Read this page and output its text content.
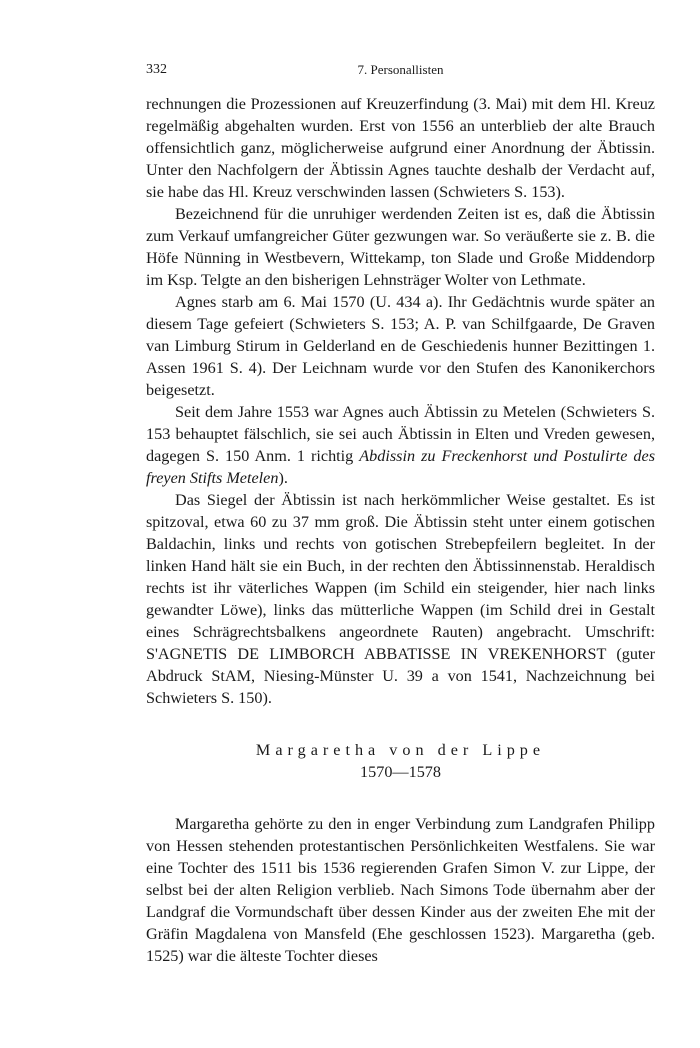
332	7. Personallisten

rechnungen die Prozessionen auf Kreuzerfindung (3. Mai) mit dem Hl. Kreuz regelmäßig abgehalten wurden. Erst von 1556 an unterblieb der alte Brauch offensichtlich ganz, möglicherweise aufgrund einer Anordnung der Äbtissin. Unter den Nachfolgern der Äbtissin Agnes tauchte deshalb der Verdacht auf, sie habe das Hl. Kreuz verschwinden lassen (Schwieters S. 153).

Bezeichnend für die unruhiger werdenden Zeiten ist es, daß die Äbtissin zum Verkauf umfangreicher Güter gezwungen war. So veräußerte sie z. B. die Höfe Nünning in Westbevern, Wittekamp, ton Slade und Große Middendorp im Ksp. Telgte an den bisherigen Lehnsträger Wolter von Lethmate.

Agnes starb am 6. Mai 1570 (U. 434 a). Ihr Gedächtnis wurde später an diesem Tage gefeiert (Schwieters S. 153; A. P. van Schilfgaarde, De Graven van Limburg Stirum in Gelderland en de Geschiedenis hunner Bezittingen 1. Assen 1961 S. 4). Der Leichnam wurde vor den Stufen des Kanonikerchors beigesetzt.

Seit dem Jahre 1553 war Agnes auch Äbtissin zu Metelen (Schwieters S. 153 behauptet fälschlich, sie sei auch Äbtissin in Elten und Vreden gewesen, dagegen S. 150 Anm. 1 richtig Abdissin zu Freckenhorst und Postulirte des freyen Stifts Metelen).

Das Siegel der Äbtissin ist nach herkömmlicher Weise gestaltet. Es ist spitzoval, etwa 60 zu 37 mm groß. Die Äbtissin steht unter einem gotischen Baldachin, links und rechts von gotischen Strebepfeilern begleitet. In der linken Hand hält sie ein Buch, in der rechten den Äbtissinnenstab. Heraldisch rechts ist ihr väterliches Wappen (im Schild ein steigender, hier nach links gewandter Löwe), links das mütterliche Wappen (im Schild drei in Gestalt eines Schrägrechtsbalkens angeordnete Rauten) angebracht. Umschrift: S'AGNETIS DE LIMBORCH ABBATISSE IN VREKENHORST (guter Abdruck StAM, Niesing-Münster U. 39 a von 1541, Nachzeichnung bei Schwieters S. 150).

Margaretha von der Lippe
1570—1578

Margaretha gehörte zu den in enger Verbindung zum Landgrafen Philipp von Hessen stehenden protestantischen Persönlichkeiten Westfalens. Sie war eine Tochter des 1511 bis 1536 regierenden Grafen Simon V. zur Lippe, der selbst bei der alten Religion verblieb. Nach Simons Tode übernahm aber der Landgraf die Vormundschaft über dessen Kinder aus der zweiten Ehe mit der Gräfin Magdalena von Mansfeld (Ehe geschlossen 1523). Margaretha (geb. 1525) war die älteste Tochter dieses
